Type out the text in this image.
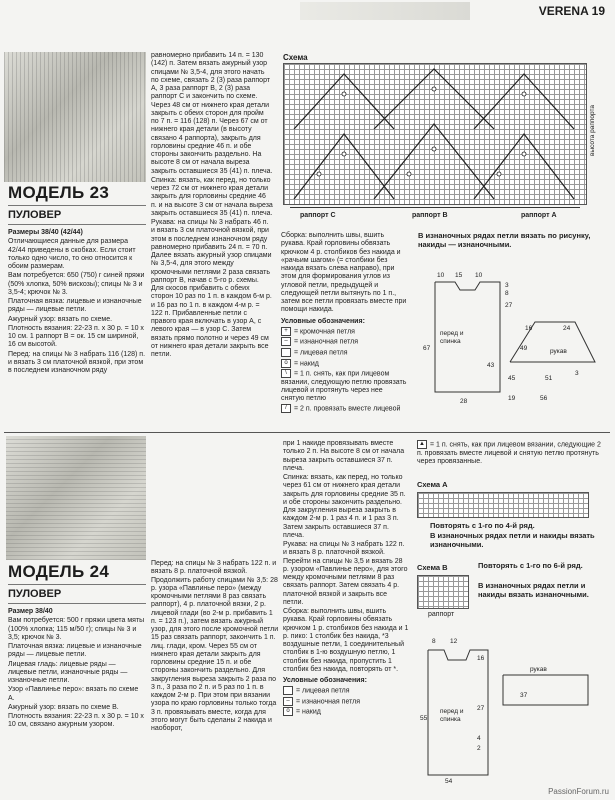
VERENA 19
МОДЕЛЬ 23
ПУЛОВЕР

Размеры 38/40 (42/44)

Отличающиеся данные для размера 42/44 приведены в скобках. Если стоит только одно число, то оно относится к обоим размерам.

Вам потребуется: 650 (750) г синей пряжи (50% хлопка, 50% вискозы); спицы № 3 и 3,5-4; крючок № 3.

Платочная вязка: лицевые и изнаночные ряды — лицевые петли.

Ажурный узор: вязать по схеме.

Плотность вязания: 22-23 п. х 30 р. = 10 х 10 см. 1 раппорт В = ок. 15 см шириной, 16 см высотой.

Перед: на спицы № 3 набрать 116 (128) п. и вязать 3 см платочной вязкой, при этом в последнем изнаночном ряду

равномерно прибавить 14 п. = 130 (142) п. Затем вязать ажурный узор спицами № 3,5-4, для этого начать по схеме, связать 2 (3) раза раппорт A, 3 раза раппорт B, 2 (3) раза раппорт C и закончить по схеме. Через 48 см от нижнего края детали закрыть с обеих сторон для пройм по 7 п. = 116 (128) п. Через 67 см от нижнего края детали (в высоту связано 4 раппорта), закрыть для горловины средние 46 п. и обе стороны закончить раздельно. На высоте 8 см от начала выреза закрыть оставшиеся 35 (41) п. плеча.

Спинка: вязать, как перед, но только через 72 см от нижнего края детали закрыть для горловины средние 46 п. и на высоте 3 см от начала выреза закрыть оставшиеся 35 (41) п. плеча.

Рукава: на спицы № 3 набрать 46 п. и вязать 3 см платочной вязкой, при этом в последнем изнаночном ряду равномерно прибавить 24 п. = 70 п. Далее вязать ажурный узор спицами № 3,5-4, для этого между кромочными петлями 2 раза связать раппорт B, начав с 5-го р. схемы. Для скосов прибавить с обеих сторон 10 раз по 1 п. в каждом 6-м р. и 16 раз по 1 п. в каждом 4-м р. = 122 п. Прибавленные петли с правого края включать в узор A, с левого края — в узор C. Затем вязать прямо полотно и через 49 см от нижнего края детали закрыть все петли.

Схема
высота раппорта
раппорт C	раппорт B	раппорт A

Сборка: выполнить швы, вшить рукава. Край горловины обвязать крючком 4 р. столбиков без накида и «рачьим шагом» (= столбики без накида вязать слева направо), при этом для формирования углов из угловой петли, предыдущей и следующей петли вытянуть по 1 п., затем все петли провязать вместе при помощи накида.

Условные обозначения:

+ = кромочная петля

– = изнаночная петля

= лицевая петля

o = накид

\ = 1 п. снять, как при лицевом вязании, следующую петлю провязать лицевой и протянуть через нее снятую петлю

/ = 2 п. провязать вместе лицевой

В изнаночных рядах петли вязать по рисунку, накиды — изнаночными.
10 15 10
27
8
3
67
16	24
43
45
49
28
51
3
19	56
перед и спинка
рукав
МОДЕЛЬ 24
ПУЛОВЕР

Размер 38/40

Вам потребуется: 500 г пряжи цвета мяты (100% хлопка; 115 м/50 г); спицы № 3 и 3,5; крючок № 3.

Платочная вязка: лицевые и изнаночные ряды — лицевые петли.

Лицевая гладь: лицевые ряды — лицевые петли, изнаночные ряды — изнаночные петли.

Узор «Павлинье перо»: вязать по схеме A.

Ажурный узор: вязать по схеме B.

Плотность вязания: 22-23 п. х 30 р. = 10 х 10 см, связано ажурным узором.

Перед: на спицы № 3 набрать 122 п. и вязать 8 р. платочной вязкой. Продолжить работу спицами № 3,5: 28 р. узора «Павлинье перо» (между кромочными петлями 8 раз связать раппорт), 4 р. платочной вязки, 2 р. лицевой глади (во 2-м р. прибавить 1 п. = 123 п.), затем вязать ажурный узор, для этого после кромочной петли 15 раз связать раппорт, закончить 1 п. лиц. глади, кром. Через 55 см от нижнего края детали закрыть для горловины средние 15 п. и обе стороны закончить раздельно. Для закругления выреза закрыть 2 раза по 3 п., 3 раза по 2 п. и 5 раз по 1 п. в каждом 2-м р. При этом при вязании узора по краю горловины только тогда 3 п. провязывать вместе, когда для этого могут быть сделаны 2 накида и наоборот,

при 1 накиде провязывать вместе только 2 п. На высоте 8 см от начала выреза закрыть оставшиеся 37 п. плеча.

Спинка: вязать, как перед, но только через 61 см от нижнего края детали закрыть для горловины средние 35 п. и обе стороны закончить раздельно. Для закругления выреза закрыть в каждом 2-м р. 1 раз 4 п. и 1 раз 3 п. Затем закрыть оставшиеся 37 п. плеча.

Рукава: на спицы № 3 набрать 122 п. и вязать 8 р. платочной вязкой. Перейти на спицы № 3,5 и вязать 28 р. узором «Павлинье перо», для этого между кромочными петлями 8 раз связать раппорт. Затем связать 4 р. платочной вязкой и закрыть все петли.

Сборка: выполнить швы, вшить рукава. Край горловины обвязать крючком 1 р. столбиков без накида и 1 р. пико: 1 столбик без накида, *3 воздушные петли, 1 соединительный столбик в 1-ю воздушную петлю, 1 столбик без накида, пропустить 1 столбик без накида, повторять от *.

Условные обозначения:

= лицевая петля

– = изнаночная петля

o = накид

▲ = 1 п. снять, как при лицевом вязании, следующие 2 п. провязать вместе лицевой и снятую петлю протянуть через провязанные.
Схема A
Повторять с 1-го по 4-й ряд.
В изнаночных рядах петли и накиды вязать изнаночными.
Схема B
раппорт
Повторять с 1-го по 6-й ряд.
В изнаночных рядах петли и накиды вязать изнаночными.
8 12
16
37
27
55
2
4
54
перед и спинка
рукав
PassionForum.ru
